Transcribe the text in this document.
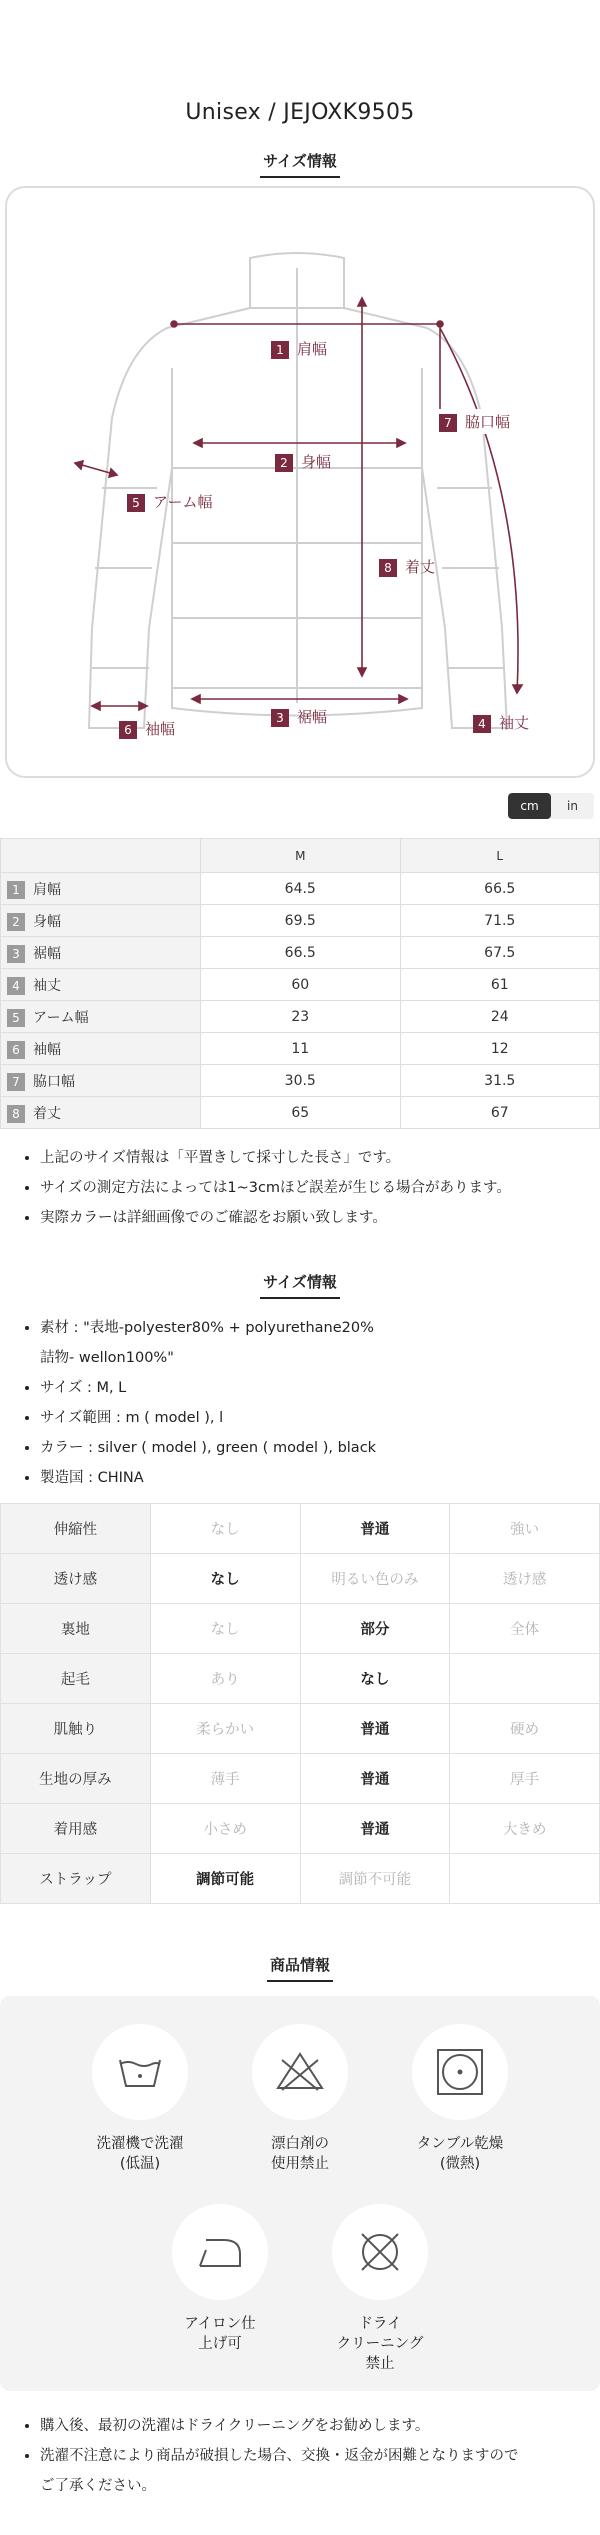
Unisex / JEJOXK9505
サイズ情報
1 肩幅
2 身幅
3 裾幅	4 袖丈
5 アーム幅
6 袖幅
7 脇口幅
8 着丈
cm	in
	M	L
1 肩幅	64.5	66.5
2 身幅	69.5	71.5
3 裾幅	66.5	67.5
4 袖丈	60	61
5 アーム幅	23	24
6 袖幅	11	12
7 脇口幅	30.5	31.5
8 着丈	65	67
• 上記のサイズ情報は「平置きして採寸した長さ」です。
• サイズの測定方法によっては1~3cmほど誤差が生じる場合があります。
• 実際カラーは詳細画像でのご確認をお願い致します。
サイズ情報
• 素材 : "表地-polyester80% + polyurethane20%
詰物- wellon100%"
• サイズ : M, L
• サイズ範囲 : m ( model ), l
• カラー : silver ( model ), green ( model ), black
• 製造国 : CHINA
伸縮性	なし	普通	強い
透け感	なし	明るい色のみ	透け感
裏地	なし	部分	全体
起毛	あり	なし	
肌触り	柔らかい	普通	硬め
生地の厚み	薄手	普通	厚手
着用感	小さめ	普通	大きめ
ストラップ	調節可能	調節不可能	
商品情報
洗濯機で洗濯
(低温)
漂白剤の
使用禁止
タンブル乾燥
(微熱)
アイロン仕
上げ可
ドライ
クリーニング
禁止
• 購入後、最初の洗濯はドライクリーニングをお勧めします。
• 洗濯不注意により商品が破損した場合、交換・返金が困難となりますので
ご了承ください。
